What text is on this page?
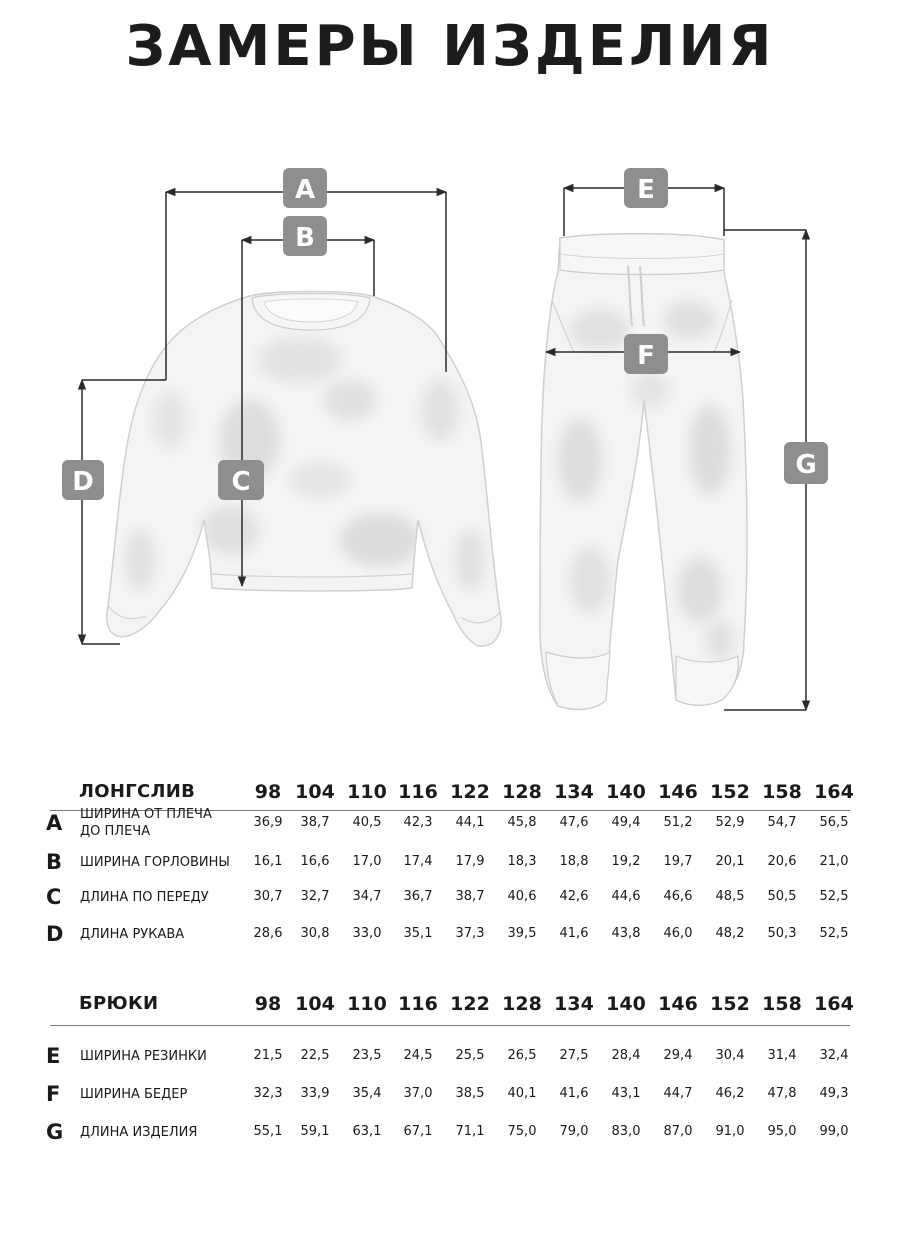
ЗАМЕРЫ ИЗДЕЛИЯ
A
B
C
D
E
F
G
ЛОНГСЛИВ	98 104 110 116 122 128 134 140 146 152 158 164
A	ШИРИНА ОТ ПЛЕЧА
ДО ПЛЕЧА
36,9	38,7	40,5	42,3	44,1	45,8	47,6	49,4	51,2	52,9	54,7	56,5
B	ШИРИНА ГОРЛОВИНЫ	16,1	16,6	17,0	17,4	17,9	18,3	18,8	19,2	19,7	20,1	20,6	21,0
C	ДЛИНА ПО ПЕРЕДУ	30,7	32,7	34,7	36,7	38,7	40,6	42,6	44,6	46,6	48,5	50,5	52,5
D	ДЛИНА РУКАВА	28,6	30,8	33,0	35,1	37,3	39,5	41,6	43,8	46,0	48,2	50,3	52,5
БРЮКИ	98 104 110 116 122 128 134 140 146 152 158 164
E	ШИРИНА РЕЗИНКИ	21,5	22,5	23,5	24,5	25,5	26,5	27,5	28,4	29,4	30,4	31,4	32,4
F	ШИРИНА БЕДЕР	32,3	33,9	35,4	37,0	38,5	40,1	41,6	43,1	44,7	46,2	47,8	49,3
G	ДЛИНА ИЗДЕЛИЯ	55,1	59,1	63,1	67,1	71,1	75,0	79,0	83,0	87,0	91,0	95,0	99,0
